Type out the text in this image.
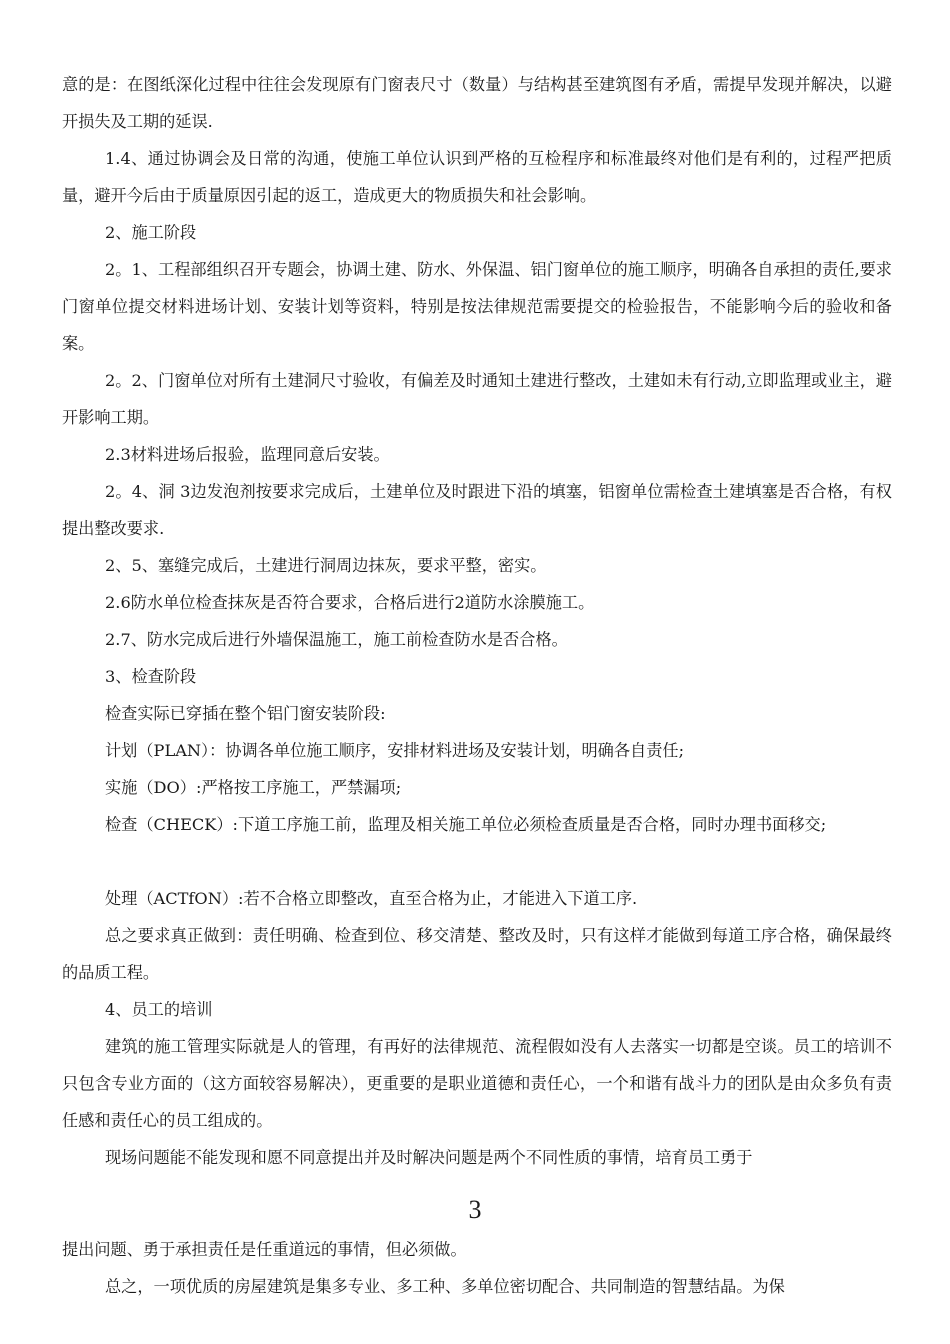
意的是：在图纸深化过程中往往会发现原有门窗表尺寸（数量）与结构甚至建筑图有矛盾，需提早发现并解决，以避开损失及工期的延误.

1.4、通过协调会及日常的沟通，使施工单位认识到严格的互检程序和标准最终对他们是有利的，过程严把质量，避开今后由于质量原因引起的返工，造成更大的物质损失和社会影响。

2、施工阶段

2。1、工程部组织召开专题会，协调土建、防水、外保温、铝门窗单位的施工顺序，明确各自承担的责任,要求门窗单位提交材料进场计划、安装计划等资料，特别是按法律规范需要提交的检验报告，不能影响今后的验收和备案。

2。2、门窗单位对所有土建洞尺寸验收，有偏差及时通知土建进行整改，土建如未有行动,立即监理或业主，避开影响工期。

2.3材料进场后报验，监理同意后安装。

2。4、洞 3边发泡剂按要求完成后，土建单位及时跟进下沿的填塞，铝窗单位需检查土建填塞是否合格，有权提出整改要求.

2、5、塞缝完成后，土建进行洞周边抹灰，要求平整，密实。

2.6防水单位检查抹灰是否符合要求，合格后进行2道防水涂膜施工。

2.7、防水完成后进行外墙保温施工，施工前检查防水是否合格。

3、检查阶段

检查实际已穿插在整个铝门窗安装阶段:

计划（PLAN）：协调各单位施工顺序，安排材料进场及安装计划，明确各自责任;

实施（DO）:严格按工序施工，严禁漏项;

检查（CHECK）:下道工序施工前，监理及相关施工单位必须检查质量是否合格，同时办理书面移交;

处理（ACTfON）:若不合格立即整改，直至合格为止，才能进入下道工序.

总之要求真正做到：责任明确、检查到位、移交清楚、整改及时，只有这样才能做到每道工序合格，确保最终的品质工程。

4、员工的培训

建筑的施工管理实际就是人的管理，有再好的法律规范、流程假如没有人去落实一切都是空谈。员工的培训不只包含专业方面的（这方面较容易解决），更重要的是职业道德和责任心，一个和谐有战斗力的团队是由众多负有责任感和责任心的员工组成的。

现场问题能不能发现和愿不同意提出并及时解决问题是两个不同性质的事情，培育员工勇于

3

提出问题、勇于承担责任是任重道远的事情，但必须做。

总之，一项优质的房屋建筑是集多专业、多工种、多单位密切配合、共同制造的智慧结晶。为保
